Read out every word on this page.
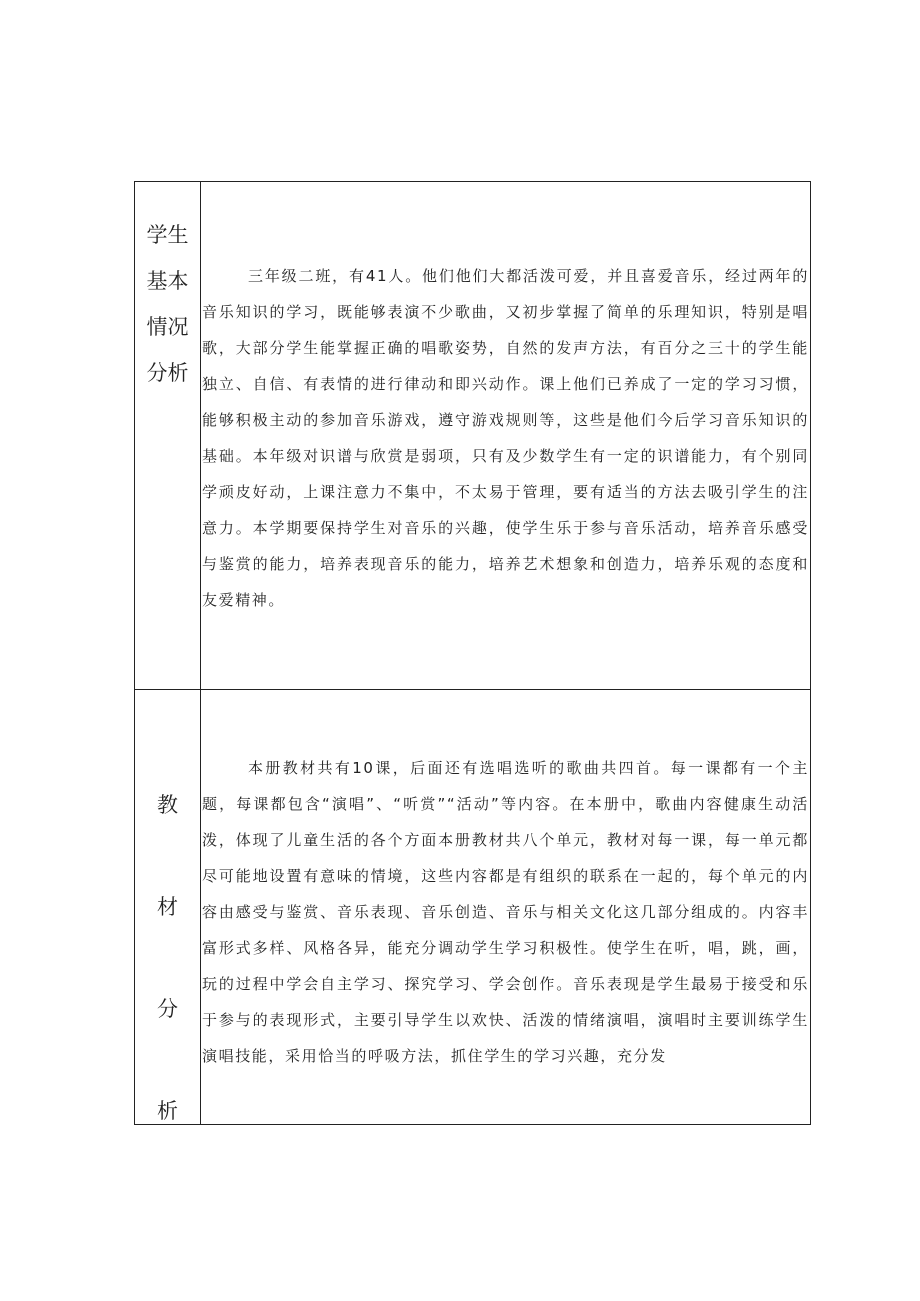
学生
基本
情况
分析

三年级二班，有41人。他们他们大都活泼可爱，并且喜爱音乐，经过两年的音乐知识的学习，既能够表演不少歌曲，又初步掌握了简单的乐理知识，特别是唱歌，大部分学生能掌握正确的唱歌姿势，自然的发声方法，有百分之三十的学生能独立、自信、有表情的进行律动和即兴动作。课上他们已养成了一定的学习习惯，能够积极主动的参加音乐游戏，遵守游戏规则等，这些是他们今后学习音乐知识的基础。本年级对识谱与欣赏是弱项，只有及少数学生有一定的识谱能力，有个别同学顽皮好动，上课注意力不集中，不太易于管理，要有适当的方法去吸引学生的注意力。本学期要保持学生对音乐的兴趣，使学生乐于参与音乐活动，培养音乐感受与鉴赏的能力，培养表现音乐的能力，培养艺术想象和创造力，培养乐观的态度和友爱精神。

教
材
分
析

本册教材共有10课，后面还有选唱选听的歌曲共四首。每一课都有一个主题，每课都包含“演唱”、“听赏”“活动”等内容。在本册中，歌曲内容健康生动活泼，体现了儿童生活的各个方面本册教材共八个单元，教材对每一课，每一单元都尽可能地设置有意味的情境，这些内容都是有组织的联系在一起的，每个单元的内容由感受与鉴赏、音乐表现、音乐创造、音乐与相关文化这几部分组成的。内容丰富形式多样、风格各异，能充分调动学生学习积极性。使学生在听，唱，跳，画，玩的过程中学会自主学习、探究学习、学会创作。音乐表现是学生最易于接受和乐于参与的表现形式，主要引导学生以欢快、活泼的情绪演唱，演唱时主要训练学生演唱技能，采用恰当的呼吸方法，抓住学生的学习兴趣，充分发
